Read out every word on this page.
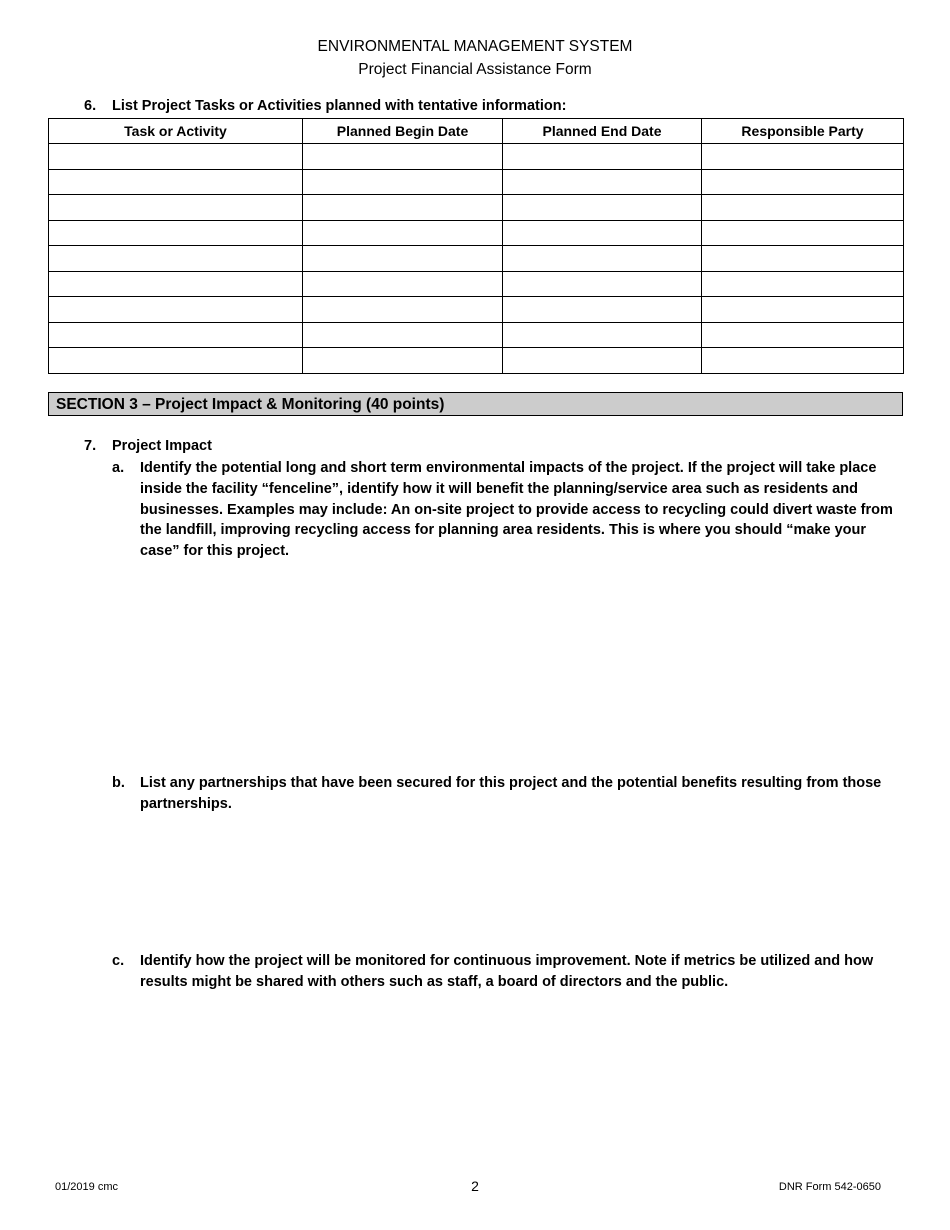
ENVIRONMENTAL MANAGEMENT SYSTEM
Project Financial Assistance Form
6. List Project Tasks or Activities planned with tentative information:
Task or Activity	Planned Begin Date	Planned End Date	Responsible Party

SECTION 3 – Project Impact & Monitoring (40 points)
7. Project Impact
a. Identify the potential long and short term environmental impacts of the project. If the project will take place inside the facility “fenceline”, identify how it will benefit the planning/service area such as residents and businesses. Examples may include: An on-site project to provide access to recycling could divert waste from the landfill, improving recycling access for planning area residents. This is where you should “make your case” for this project.
b. List any partnerships that have been secured for this project and the potential benefits resulting from those partnerships.
c. Identify how the project will be monitored for continuous improvement. Note if metrics be utilized and how results might be shared with others such as staff, a board of directors and the public.
01/2019 cmc	2	DNR Form 542-0650
